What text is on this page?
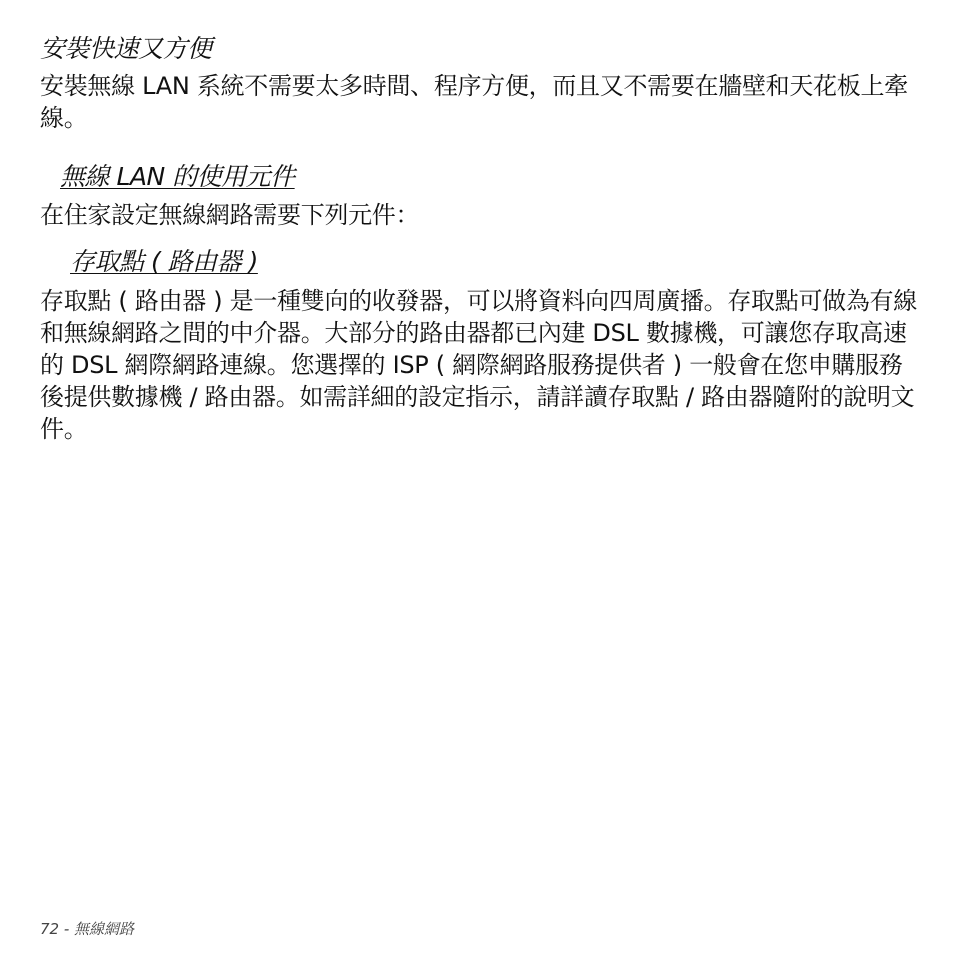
安裝快速又方便

安裝無線 LAN 系統不需要太多時間、程序方便，而且又不需要在牆壁和天花板上牽線。

無線 LAN 的使用元件

在住家設定無線網路需要下列元件：

存取點 ( 路由器 )

存取點 ( 路由器 ) 是一種雙向的收發器，可以將資料向四周廣播。存取點可做為有線和無線網路之間的中介器。大部分的路由器都已內建 DSL 數據機，可讓您存取高速的 DSL 網際網路連線。您選擇的 ISP ( 網際網路服務提供者 ) 一般會在您申購服務後提供數據機 / 路由器。如需詳細的設定指示，請詳讀存取點 / 路由器隨附的說明文件。

72 - 無線網路
